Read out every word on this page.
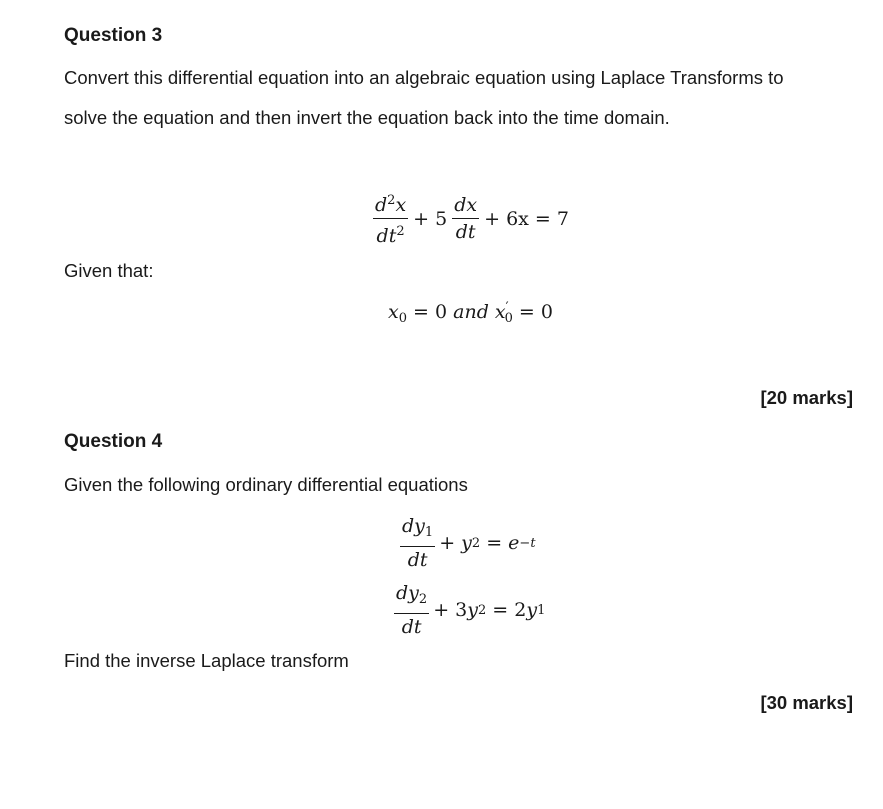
Question 3
Convert this differential equation into an algebraic equation using Laplace Transforms to
solve the equation and then invert the equation back into the time domain.
$\frac{d^2x}{dt^2} + 5 \frac{dx}{dt} + 6x = 7$
Given that:
$x_0 = 0$ and $x'_0 = 0$
[20 marks]
Question 4
Given the following ordinary differential equations
$\frac{dy_1}{dt} + y$ 2 = e −t
$\frac{dy_2}{dt} + 3$ y 2 = 2 y 1
Find the inverse Laplace transform
[30 marks]
